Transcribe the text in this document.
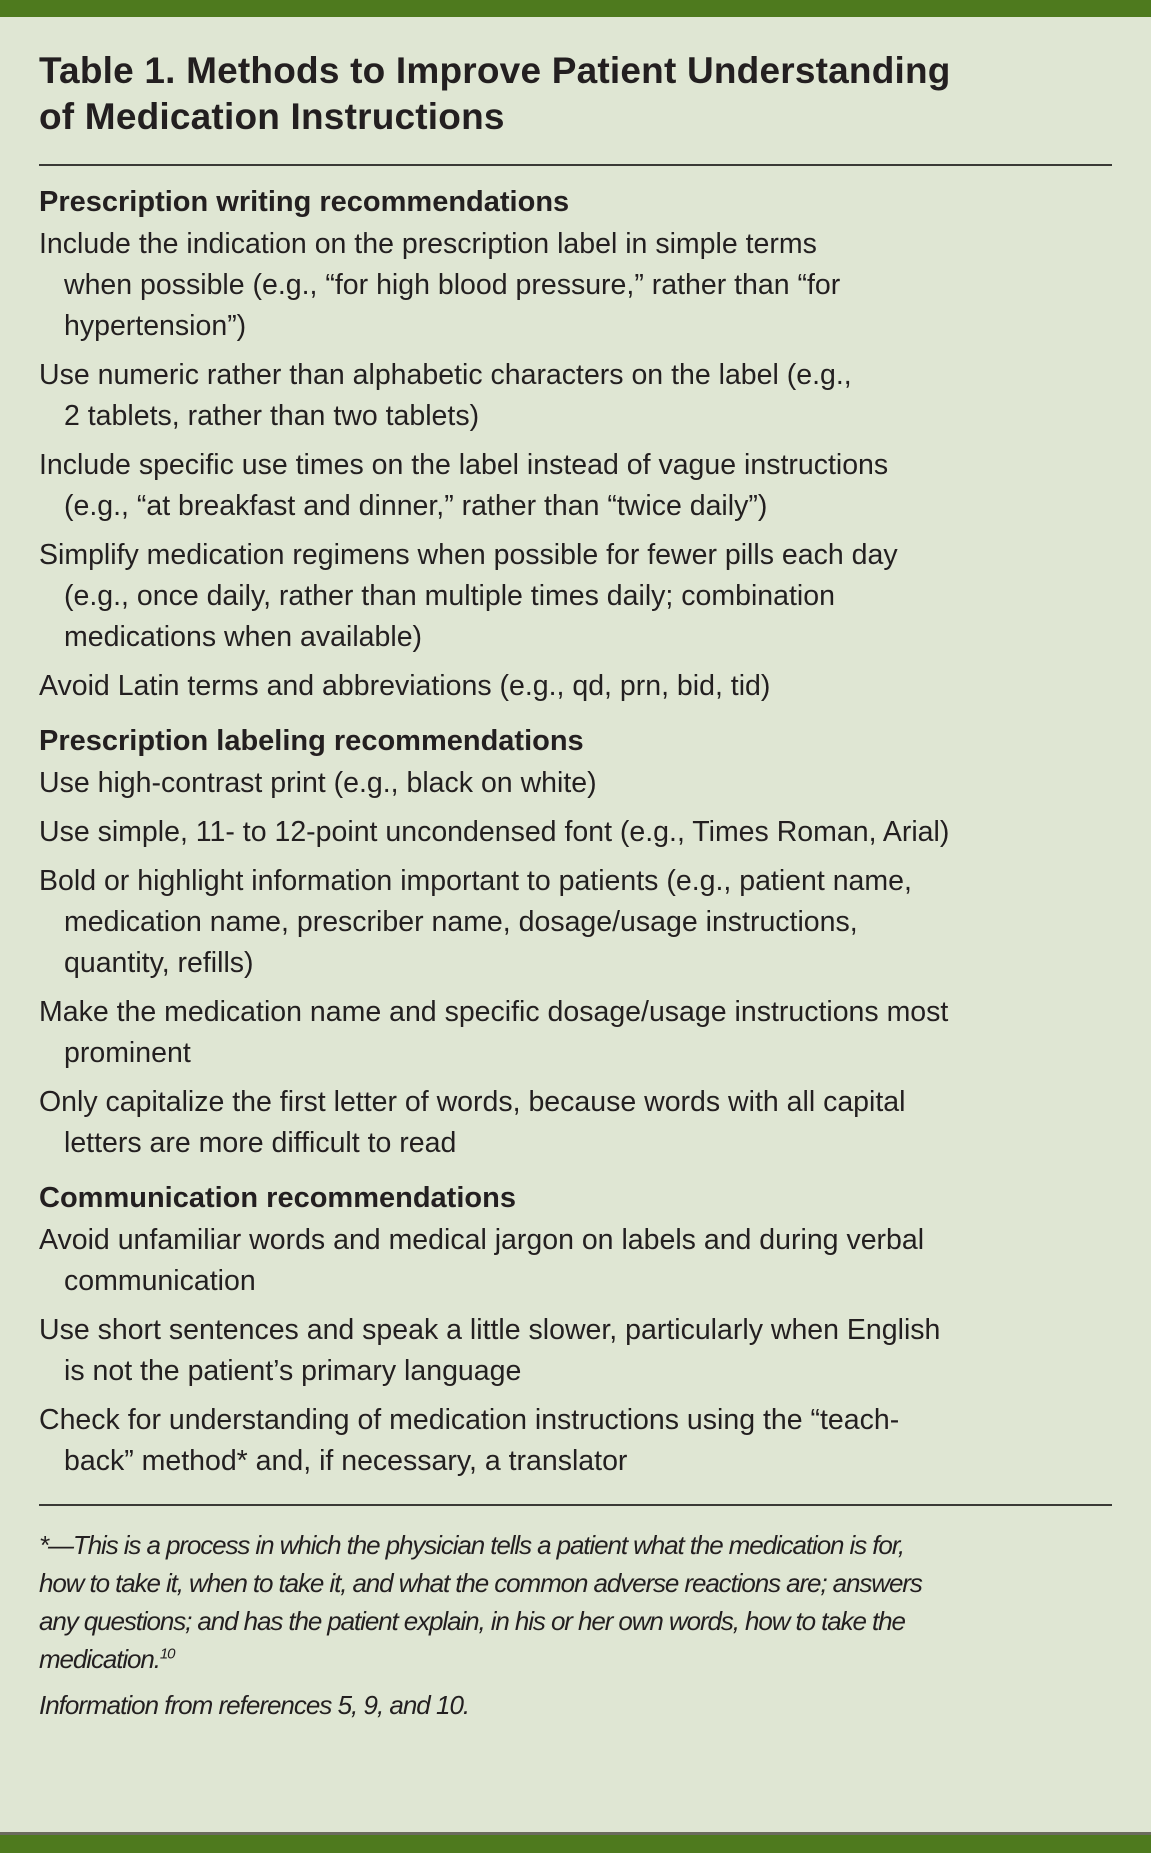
Table 1. Methods to Improve Patient Understanding
of Medication Instructions
Prescription writing recommendations
Include the indication on the prescription label in simple terms
when possible (e.g., “for high blood pressure,” rather than “for
hypertension”)
Use numeric rather than alphabetic characters on the label (e.g.,
2 tablets, rather than two tablets)
Include specific use times on the label instead of vague instructions
(e.g., “at breakfast and dinner,” rather than “twice daily”)
Simplify medication regimens when possible for fewer pills each day
(e.g., once daily, rather than multiple times daily; combination
medications when available)
Avoid Latin terms and abbreviations (e.g., qd, prn, bid, tid)
Prescription labeling recommendations
Use high-contrast print (e.g., black on white)
Use simple, 11- to 12-point uncondensed font (e.g., Times Roman, Arial)
Bold or highlight information important to patients (e.g., patient name,
medication name, prescriber name, dosage/usage instructions,
quantity, refills)
Make the medication name and specific dosage/usage instructions most
prominent
Only capitalize the first letter of words, because words with all capital
letters are more difficult to read
Communication recommendations
Avoid unfamiliar words and medical jargon on labels and during verbal
communication
Use short sentences and speak a little slower, particularly when English
is not the patient’s primary language
Check for understanding of medication instructions using the “teach-
back” method* and, if necessary, a translator
*—This is a process in which the physician tells a patient what the medication is for,
how to take it, when to take it, and what the common adverse reactions are; answers
any questions; and has the patient explain, in his or her own words, how to take the
medication.$^{10}$
Information from references 5, 9, and 10.
